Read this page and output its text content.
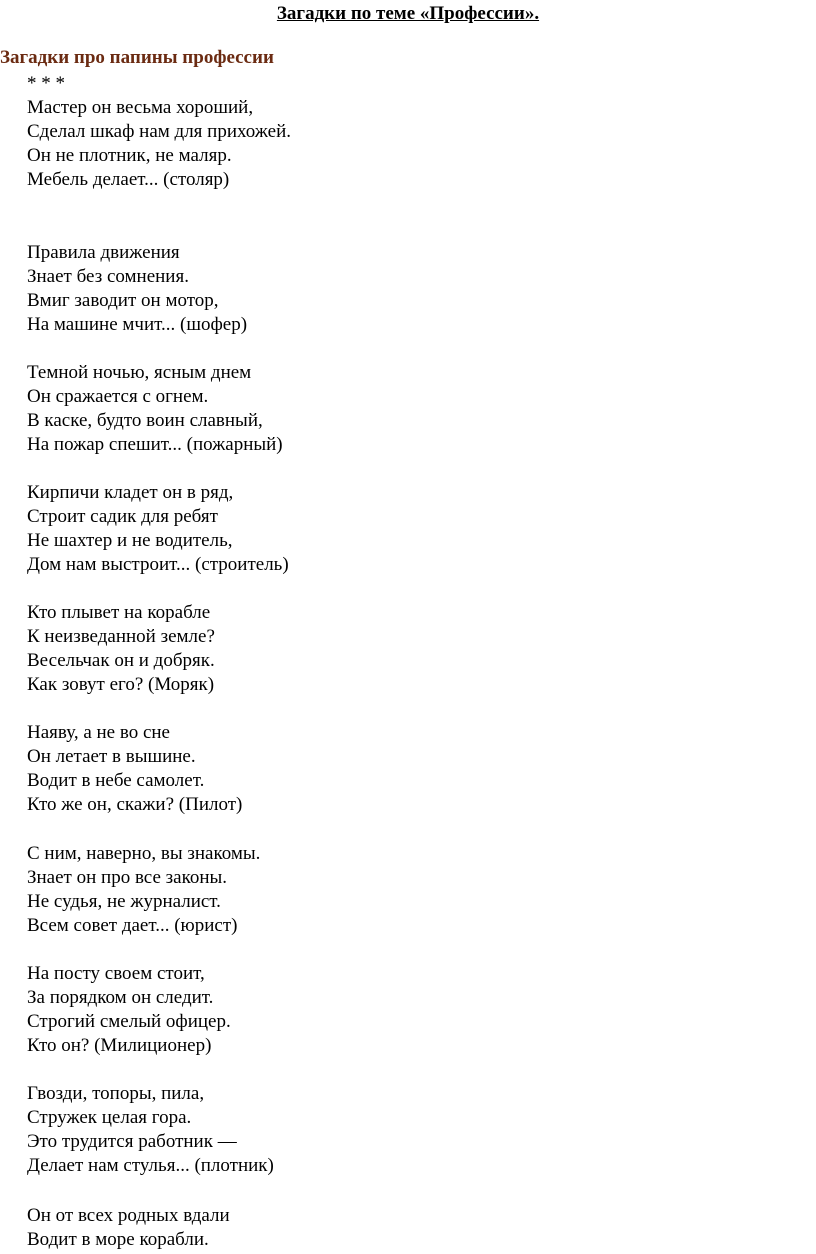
Загадки по теме «Профессии».
Загадки про папины профессии
* * *
Мастер он весьма хороший,
Сделал шкаф нам для прихожей.
Он не плотник, не маляр.
Мебель делает... (столяр)
Правила движения
Знает без сомнения.
Вмиг заводит он мотор,
На машине мчит... (шофер)
Темной ночью, ясным днем
Он сражается с огнем.
В каске, будто воин славный,
На пожар спешит... (пожарный)
Кирпичи кладет он в ряд,
Строит садик для ребят
Не шахтер и не водитель,
Дом нам выстроит... (строитель)
Кто плывет на корабле
К неизведанной земле?
Весельчак он и добряк.
Как зовут его? (Моряк)
Наяву, а не во сне
Он летает в вышине.
Водит в небе самолет.
Кто же он, скажи? (Пилот)
С ним, наверно, вы знакомы.
Знает он про все законы.
Не судья, не журналист.
Всем совет дает... (юрист)
На посту своем стоит,
За порядком он следит.
Строгий смелый офицер.
Кто он? (Милиционер)
Гвозди, топоры, пила,
Стружек целая гора.
Это трудится работник —
Делает нам стулья... (плотник)
Он от всех родных вдали
Водит в море корабли.
